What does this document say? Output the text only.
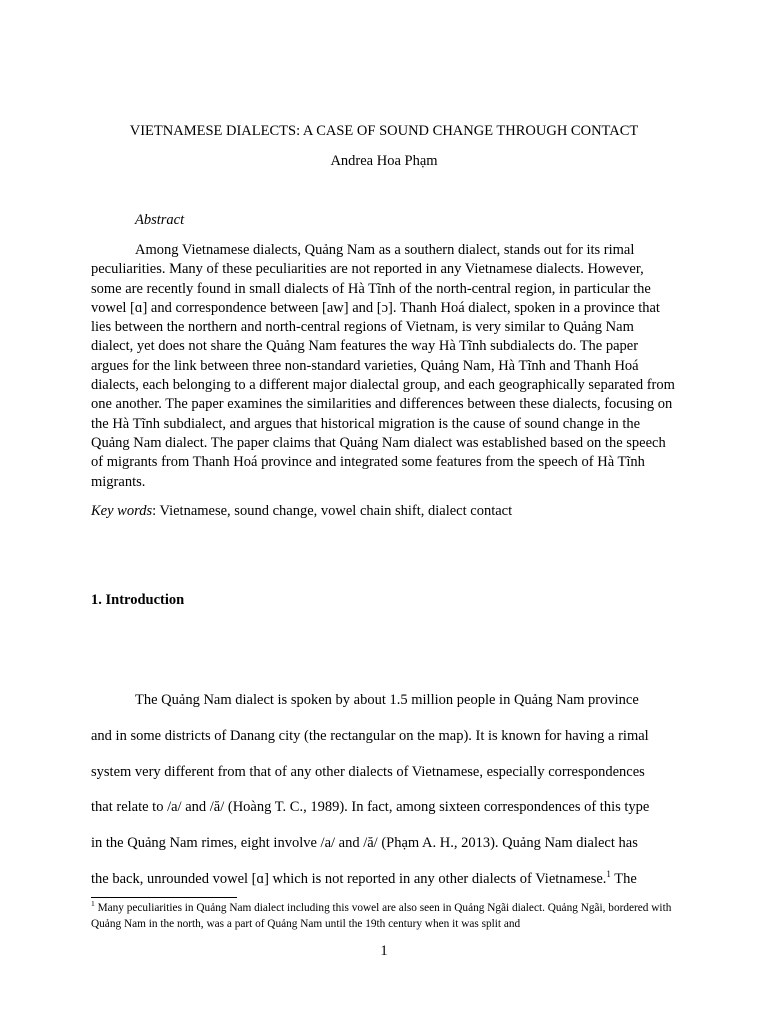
VIETNAMESE DIALECTS: A CASE OF SOUND CHANGE THROUGH CONTACT

Andrea Hoa Phạm

Abstract

Among Vietnamese dialects, Quảng Nam as a southern dialect, stands out for its rimal peculiarities. Many of these peculiarities are not reported in any Vietnamese dialects. However, some are recently found in small dialects of Hà Tĩnh of the north-central region, in particular the vowel [ɑ] and correspondence between [aw] and [ɔ]. Thanh Hoá dialect, spoken in a province that lies between the northern and north-central regions of Vietnam, is very similar to Quảng Nam dialect, yet does not share the Quảng Nam features the way Hà Tĩnh subdialects do. The paper argues for the link between three non-standard varieties, Quảng Nam, Hà Tĩnh and Thanh Hoá dialects, each belonging to a different major dialectal group, and each geographically separated from one another. The paper examines the similarities and differences between these dialects, focusing on the Hà Tĩnh subdialect, and argues that historical migration is the cause of sound change in the Quảng Nam dialect. The paper claims that Quảng Nam dialect was established based on the speech of migrants from Thanh Hoá province and integrated some features from the speech of Hà Tĩnh migrants.

Key words: Vietnamese, sound change, vowel chain shift, dialect contact

1. Introduction
The Quảng Nam dialect is spoken by about 1.5 million people in Quảng Nam province
and in some districts of Danang city (the rectangular on the map). It is known for having a rimal
system very different from that of any other dialects of Vietnamese, especially correspondences
that relate to /a/ and /ă/ (Hoàng T. C., 1989). In fact, among sixteen correspondences of this type
in the Quảng Nam rimes, eight involve /a/ and /ă/ (Phạm A. H., 2013). Quảng Nam dialect has
the back, unrounded vowel [ɑ] which is not reported in any other dialects of Vietnamese.$^1$ The

$^1$ Many peculiarities in Quảng Nam dialect including this vowel are also seen in Quảng Ngãi dialect. Quảng Ngãi, bordered with Quảng Nam in the north, was a part of Quảng Nam until the 19th century when it was split and

1
